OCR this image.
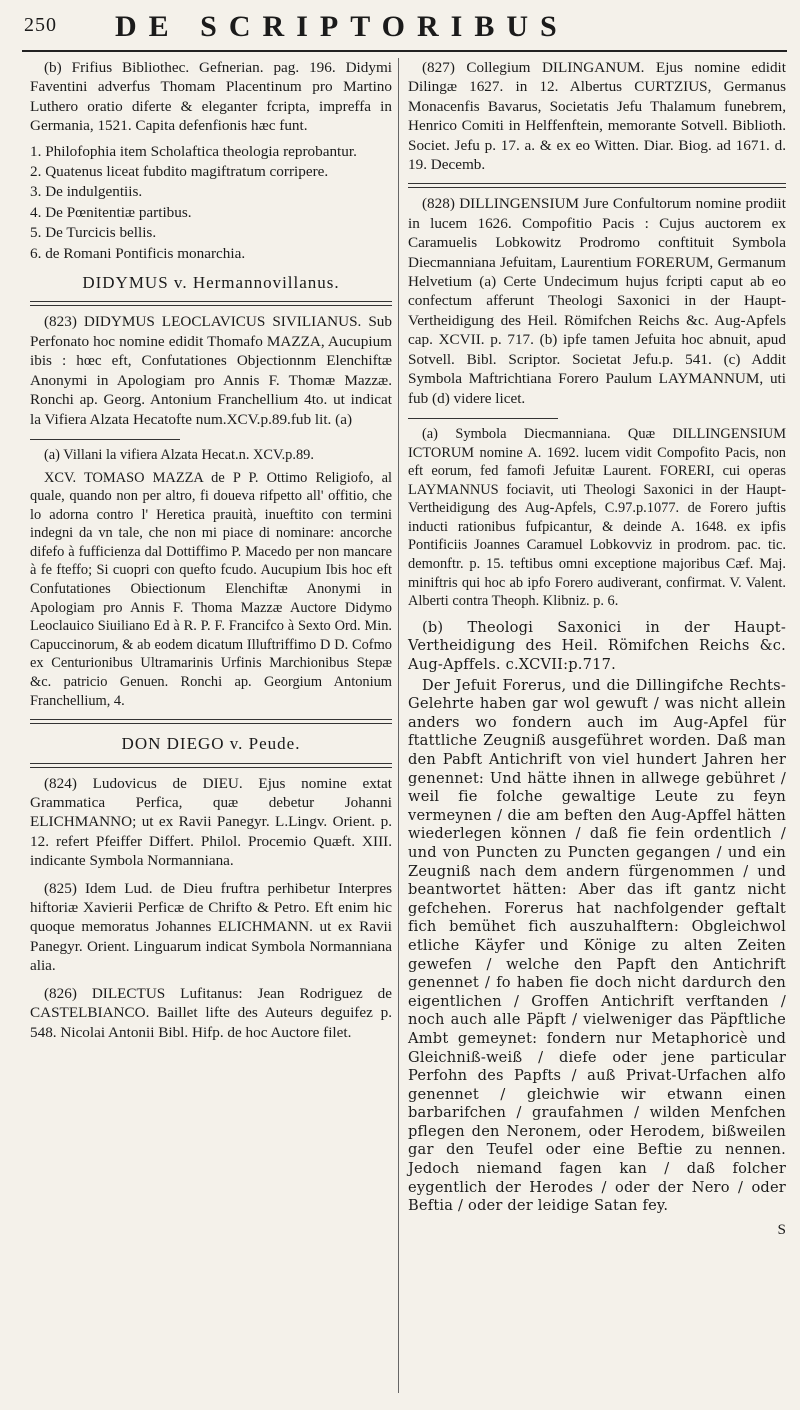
250 DE SCRIPTORIBUS

(b) Frifius Bibliothec. Gefnerian. pag. 196. Didymi Faventini adverfus Thomam Placentinum pro Martino Luthero oratio diferte & eleganter fcripta, impreffa in Germania, 1521. Capita defenfionis hæc funt.

1. Philofophia item Scholaftica theologia reprobantur.

2. Quatenus liceat fubdito magiftratum corripere.

3. De indulgentiis.

4. De Pœnitentiæ partibus.

5. De Turcicis bellis.

6. de Romani Pontificis monarchia.

DIDYMUS v. Hermannovillanus.

(823) DIDYMUS LEOCLAVICUS SIVILIANUS. Sub Perfonato hoc nomine edidit Thomafo MAZZA, Aucupium ibis : hœc eft, Confutationes Objectionnm Elenchiftæ Anonymi in Apologiam pro Annis F. Thomæ Mazzæ. Ronchi ap. Georg. Antonium Franchellium 4to. ut indicat la Vifiera Alzata Hecatofte num.XCV.p.89.fub lit. (a)

(a) Villani la vifiera Alzata Hecat.n. XCV.p.89.

XCV. TOMASO MAZZA de P P. Ottimo Religiofo, al quale, quando non per altro, fi doueva rifpetto all' offitio, che lo adorna contro l' Heretica prauità, inueftito con termini indegni da vn tale, che non mi piace di nominare: ancorche difefo à fufficienza dal Dottiffimo P. Macedo per non mancare à fe fteffo; Si cuopri con quefto fcudo. Aucupium Ibis hoc eft Confutationes Obiectionum Elenchiftæ Anonymi in Apologiam pro Annis F. Thoma Mazzæ Auctore Didymo Leoclauico Siuiliano Ed à R. P. F. Francifco à Sexto Ord. Min. Capuccinorum, & ab eodem dicatum Illuftriffimo D D. Cofmo ex Centurionibus Ultramarinis Urfinis Marchionibus Stepæ &c. patricio Genuen. Ronchi ap. Georgium Antonium Franchellium, 4.

DON DIEGO v. Peude.

(824) Ludovicus de DIEU. Ejus nomine extat Grammatica Perfica, quæ debetur Johanni ELICHMANNO; ut ex Ravii Panegyr. L.Lingv. Orient. p. 12. refert Pfeiffer Differt. Philol. Procemio Quæft. XIII. indicante Symbola Normanniana.

(825) Idem Lud. de Dieu fruftra perhibetur Interpres hiftoriæ Xavierii Perficæ de Chrifto & Petro. Eft enim hic quoque memoratus Johannes ELICHMANN. ut ex Ravii Panegyr. Orient. Linguarum indicat Symbola Normanniana alia.

(826) DILECTUS Lufitanus: Jean Rodriguez de CASTELBIANCO. Baillet lifte des Auteurs deguifez p. 548. Nicolai Antonii Bibl. Hifp. de hoc Auctore filet.

(827) Collegium DILINGANUM. Ejus nomine edidit Dilingæ 1627. in 12. Albertus CURTZIUS, Germanus Monacenfis Bavarus, Societatis Jefu Thalamum funebrem, Henrico Comiti in Helffenftein, memorante Sotvell. Biblioth. Societ. Jefu p. 17. a. & ex eo Witten. Diar. Biog. ad 1671. d. 19. Decemb.

(828) DILLINGENSIUM Jure Confultorum nomine prodiit in lucem 1626. Compofitio Pacis : Cujus auctorem ex Caramuelis Lobkowitz Prodromo conftituit Symbola Diecmanniana Jefuitam, Laurentium FORERUM, Germanum Helvetium (a) Certe Undecimum hujus fcripti caput ab eo confectum afferunt Theologi Saxonici in der Haupt-Vertheidigung des Heil. Römifchen Reichs &c. Aug-Apfels cap. XCVII. p. 717. (b) ipfe tamen Jefuita hoc abnuit, apud Sotvell. Bibl. Scriptor. Societat Jefu.p. 541. (c) Addit Symbola Maftrichtiana Forero Paulum LAYMANNUM, uti fub (d) videre licet.

(a) Symbola Diecmanniana. Quæ DILLINGENSIUM ICTORUM nomine A. 1692. lucem vidit Compofito Pacis, non eft eorum, fed famofi Jefuitæ Laurent. FORERI, cui operas LAYMANNUS fociavit, uti Theologi Saxonici in der Haupt-Vertheidigung des Aug-Apfels, C.97.p.1077. de Forero juftis inducti rationibus fufpicantur, & deinde A. 1648. ex ipfis Pontificiis Joannes Caramuel Lobkovviz in prodrom. pac. tic. demonftr. p. 15. teftibus omni exceptione majoribus Cæf. Maj. miniftris qui hoc ab ipfo Forero audiverant, confirmat. V. Valent. Alberti contra Theoph. Klibniz. p. 6.

(b) Theologi Saxonici in der Haupt-Vertheidigung des Heil. Römifchen Reichs &c. Aug-Apffels. c.XCVII:p.717.

Der Jefuit Forerus, und die Dillingifche Rechts-Gelehrte haben gar wol gewuft / was nicht allein anders wo fondern auch im Aug-Apfel für ftattliche Zeugniß ausgeführet worden. Daß man den Pabft Antichrift von viel hundert Jahren her genennet: Und hätte ihnen in allwege gebühret / weil fie folche gewaltige Leute zu feyn vermeynen / die am beften den Aug-Apffel hätten wiederlegen können / daß fie fein ordentlich / und von Puncten zu Puncten gegangen / und ein Zeugniß nach dem andern fürgenommen / und beantwortet hätten: Aber das ift gantz nicht gefchehen. Forerus hat nachfolgender geftalt fich bemühet fich auszuhalftern: Obgleichwol etliche Käyfer und Könige zu alten Zeiten gewefen / welche den Papft den Antichrift genennet / fo haben fie doch nicht dardurch den eigentlichen / Groffen Antichrift verftanden / noch auch alle Päpft / vielweniger das Päpftliche Ambt gemeynet: fondern nur Metaphoricè und Gleichniß-weiß / diefe oder jene particular Perfohn des Papfts / auß Privat-Urfachen alfo genennet / gleichwie wir etwann einen barbarifchen / graufahmen / wilden Menfchen pflegen den Neronem, oder Herodem, bißweilen gar den Teufel oder eine Beftie zu nennen. Jedoch niemand fagen kan / daß folcher eygentlich der Herodes / oder der Nero / oder Beftia / oder der leidige Satan fey.

S
